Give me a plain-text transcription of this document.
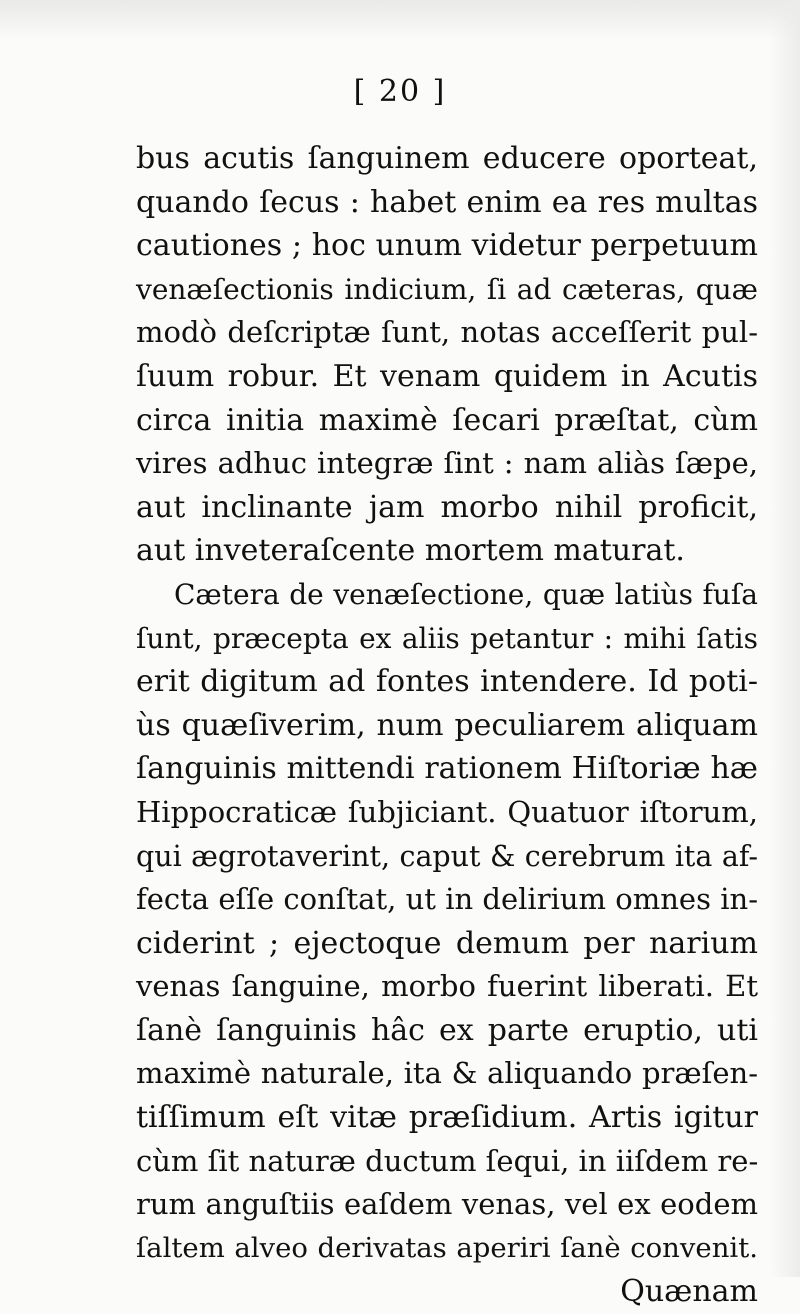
[ 20 ]
bus acutis ſanguinem educere oporteat,
quando ſecus : habet enim ea res multas
cautiones ; hoc unum videtur perpetuum
venæſectionis indicium, ſi ad cæteras, quæ
modò deſcriptæ ſunt, notas acceſſerit pul-
ſuum robur. Et venam quidem in Acutis
circa initia maximè ſecari præſtat, cùm
vires adhuc integræ ſint : nam aliàs ſæpe,
aut inclinante jam morbo nihil proficit,
aut inveteraſcente mortem maturat.
Cætera de venæſectione, quæ latiùs fuſa
ſunt, præcepta ex aliis petantur : mihi ſatis
erit digitum ad fontes intendere. Id poti-
ùs quæſiverim, num peculiarem aliquam
ſanguinis mittendi rationem Hiſtoriæ hæ
Hippocraticæ ſubjiciant. Quatuor iſtorum,
qui ægrotaverint, caput & cerebrum ita af-
fecta eſſe conſtat, ut in delirium omnes in-
ciderint ; ejectoque demum per narium
venas ſanguine, morbo fuerint liberati. Et
ſanè ſanguinis hâc ex parte eruptio, uti
maximè naturale, ita & aliquando præſen-
tiſſimum eſt vitæ præſidium. Artis igitur
cùm ſit naturæ ductum ſequi, in iiſdem re-
rum anguſtiis eaſdem venas, vel ex eodem
ſaltem alveo derivatas aperiri ſanè convenit.
Quænam
